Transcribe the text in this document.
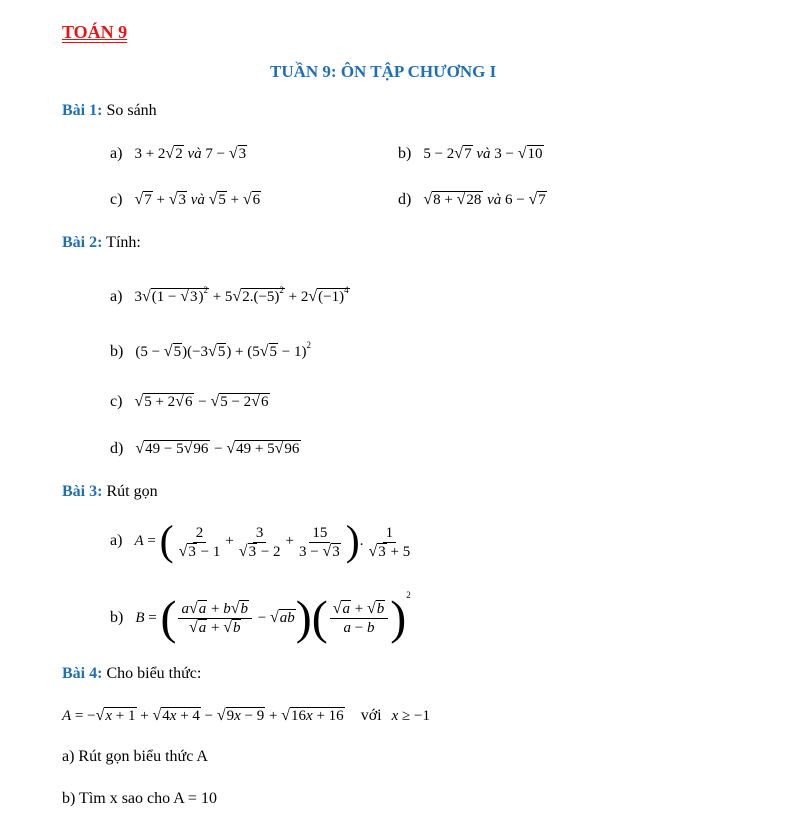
TOÁN 9
TUẦN 9: ÔN TẬP CHƯƠNG I
Bài 1: So sánh
a) 3 + 2√2 và 7 − √3	b) 5 − 2√7 và 3 − √10
c) √7 + √3 và √5 + √6	d) √8 + √28 và 6 − √7
Bài 2: Tính:
a) $3√(1 - √3)^2 + 5√2.(-5)^2 + 2√(-1)^4$
b) $(5 - √5)(-3√5) + (5√5 - 1)^2$
c) √5 + 2√6 − √5 − 2√6
d) √49 − 5√96 − √49 + 5√96
Bài 3: Rút gọn
a) A = ( $\frac{2}{√3 - 1} + \frac{3}{√3 - 2} + \frac{15}{3 - √3}$ ). $\frac{1}{√3 + 5}$
b) B = ( $\frac{a√a + b√b}{√a + √b} - √ab)( \frac{√a + √b}{a - b} )^2$
Bài 4: Cho biểu thức:
A = −√x + 1 + √4x + 4 − √9x − 9 + √16x + 16 với x ≥ −1
a) Rút gọn biểu thức A
b) Tìm x sao cho A = 10
